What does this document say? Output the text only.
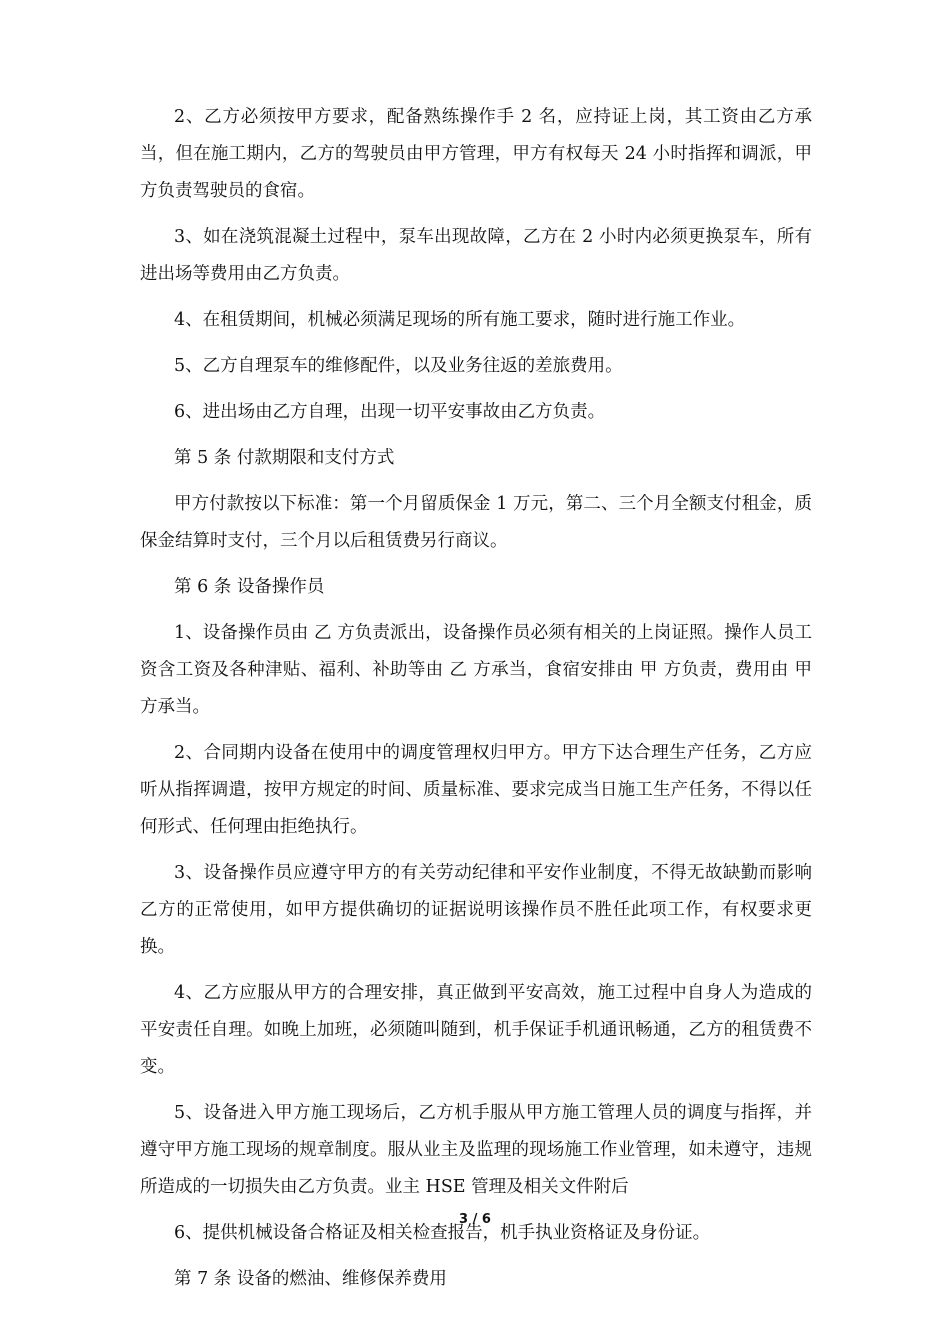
2、乙方必须按甲方要求，配备熟练操作手 2 名，应持证上岗，其工资由乙方承当，但在施工期内，乙方的驾驶员由甲方管理，甲方有权每天 24 小时指挥和调派，甲方负责驾驶员的食宿。

3、如在浇筑混凝土过程中，泵车出现故障，乙方在 2 小时内必须更换泵车，所有进出场等费用由乙方负责。

4、在租赁期间，机械必须满足现场的所有施工要求，随时进行施工作业。

5、乙方自理泵车的维修配件，以及业务往返的差旅费用。

6、进出场由乙方自理，出现一切平安事故由乙方负责。

第 5 条 付款期限和支付方式

甲方付款按以下标准：第一个月留质保金 1 万元，第二、三个月全额支付租金，质保金结算时支付，三个月以后租赁费另行商议。

第 6 条 设备操作员

1、设备操作员由 乙 方负责派出，设备操作员必须有相关的上岗证照。操作人员工资含工资及各种津贴、福利、补助等由 乙 方承当，食宿安排由 甲 方负责，费用由 甲 方承当。

2、合同期内设备在使用中的调度管理权归甲方。甲方下达合理生产任务，乙方应听从指挥调遣，按甲方规定的时间、质量标准、要求完成当日施工生产任务，不得以任何形式、任何理由拒绝执行。

3、设备操作员应遵守甲方的有关劳动纪律和平安作业制度，不得无故缺勤而影响乙方的正常使用，如甲方提供确切的证据说明该操作员不胜任此项工作，有权要求更换。

4、乙方应服从甲方的合理安排，真正做到平安高效，施工过程中自身人为造成的平安责任自理。如晚上加班，必须随叫随到，机手保证手机通讯畅通，乙方的租赁费不变。

5、设备进入甲方施工现场后，乙方机手服从甲方施工管理人员的调度与指挥，并遵守甲方施工现场的规章制度。服从业主及监理的现场施工作业管理，如未遵守，违规所造成的一切损失由乙方负责。业主 HSE 管理及相关文件附后

6、提供机械设备合格证及相关检查报告，机手执业资格证及身份证。

第 7 条 设备的燃油、维修保养费用

3 / 6
